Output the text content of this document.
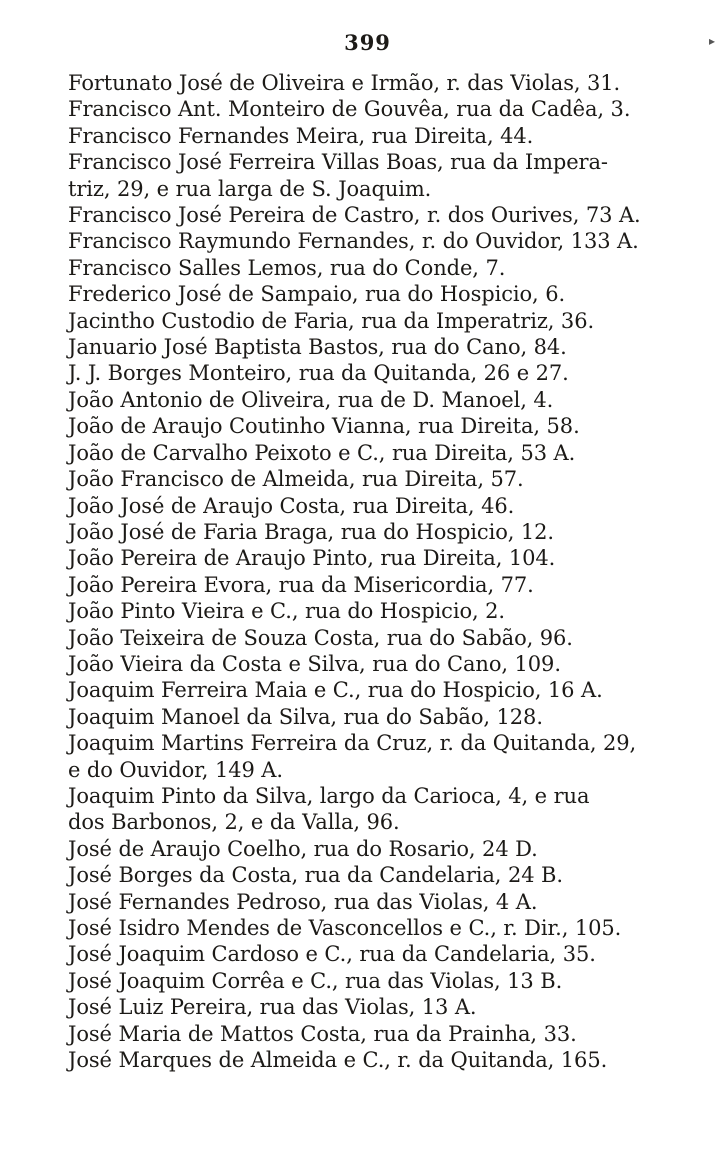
399	▸
Fortunato José de Oliveira e Irmão, r. das Violas, 31.
Francisco Ant. Monteiro de Gouvêa, rua da Cadêa, 3.
Francisco Fernandes Meira, rua Direita, 44.
Francisco José Ferreira Villas Boas, rua da Impera-
triz, 29, e rua larga de S. Joaquim.
Francisco José Pereira de Castro, r. dos Ourives, 73 A.
Francisco Raymundo Fernandes, r. do Ouvidor, 133 A.
Francisco Salles Lemos, rua do Conde, 7.
Frederico José de Sampaio, rua do Hospicio, 6.
Jacintho Custodio de Faria, rua da Imperatriz, 36.
Januario José Baptista Bastos, rua do Cano, 84.
J. J. Borges Monteiro, rua da Quitanda, 26 e 27.
João Antonio de Oliveira, rua de D. Manoel, 4.
João de Araujo Coutinho Vianna, rua Direita, 58.
João de Carvalho Peixoto e C., rua Direita, 53 A.
João Francisco de Almeida, rua Direita, 57.
João José de Araujo Costa, rua Direita, 46.
João José de Faria Braga, rua do Hospicio, 12.
João Pereira de Araujo Pinto, rua Direita, 104.
João Pereira Evora, rua da Misericordia, 77.
João Pinto Vieira e C., rua do Hospicio, 2.
João Teixeira de Souza Costa, rua do Sabão, 96.
João Vieira da Costa e Silva, rua do Cano, 109.
Joaquim Ferreira Maia e C., rua do Hospicio, 16 A.
Joaquim Manoel da Silva, rua do Sabão, 128.
Joaquim Martins Ferreira da Cruz, r. da Quitanda, 29,
e do Ouvidor, 149 A.
Joaquim Pinto da Silva, largo da Carioca, 4, e rua
dos Barbonos, 2, e da Valla, 96.
José de Araujo Coelho, rua do Rosario, 24 D.
José Borges da Costa, rua da Candelaria, 24 B.
José Fernandes Pedroso, rua das Violas, 4 A.
José Isidro Mendes de Vasconcellos e C., r. Dir., 105.
José Joaquim Cardoso e C., rua da Candelaria, 35.
José Joaquim Corrêa e C., rua das Violas, 13 B.
José Luiz Pereira, rua das Violas, 13 A.
José Maria de Mattos Costa, rua da Prainha, 33.
José Marques de Almeida e C., r. da Quitanda, 165.
